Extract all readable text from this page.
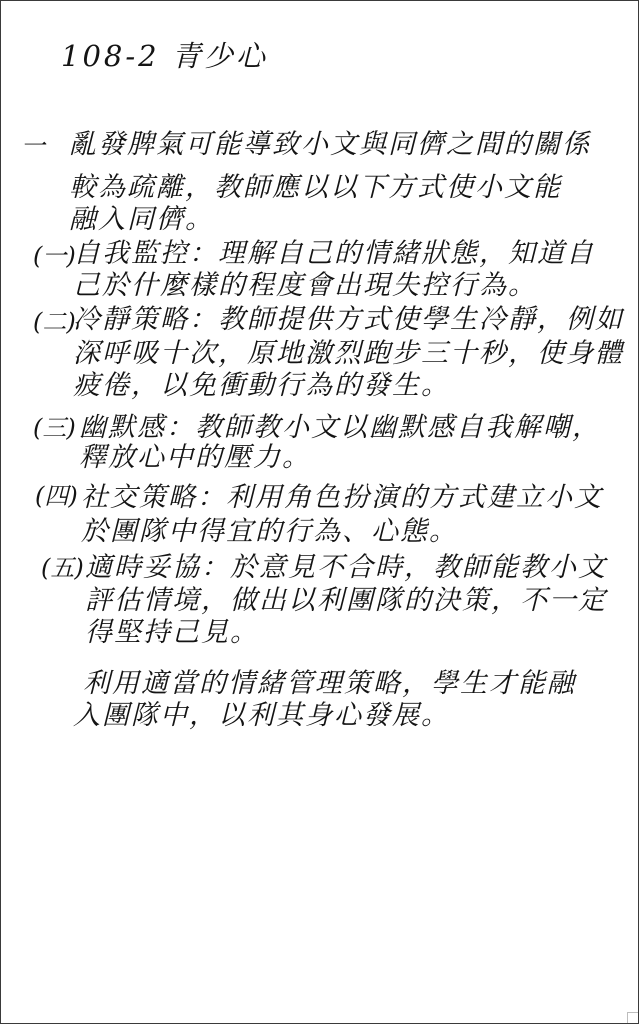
108-2 青少心
一 亂發脾氣可能導致小文與同儕之間的關係
較為疏離，教師應以以下方式使小文能
融入同儕。
(一)
自我監控：理解自己的情緒狀態，知道自
己於什麼樣的程度會出現失控行為。
(二)
冷靜策略：教師提供方式使學生冷靜，例如
深呼吸十次，原地激烈跑步三十秒，使身體
疲倦，以免衝動行為的發生。
(三) 幽默感：教師教小文以幽默感自我解嘲，
釋放心中的壓力。
(四) 社交策略：利用角色扮演的方式建立小文
於團隊中得宜的行為、心態。
(五) 適時妥協：於意見不合時，教師能教小文
評估情境，做出以利團隊的決策，不一定
得堅持己見。
利用適當的情緒管理策略，學生才能融
入團隊中，以利其身心發展。
